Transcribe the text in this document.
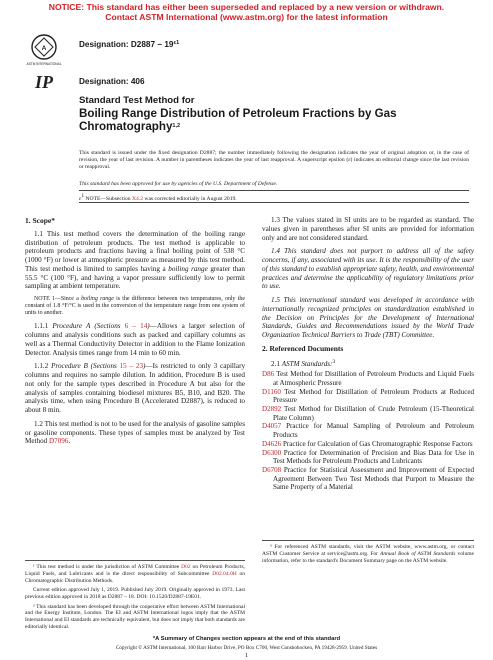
NOTICE: This standard has either been superseded and replaced by a new version or withdrawn.
Contact ASTM International (www.astm.org) for the latest information
A
ASTM INTERNATIONAL
Designation: $D2887 - 19^{\varepsilon 1}$
IP	Designation: 406
Standard Test Method for
Boiling Range Distribution of Petroleum Fractions by Gas Chromatography$^{1,2}$
This standard is issued under the fixed designation D2887; the number immediately following the designation indicates the year of original adoption or, in the case of revision, the year of last revision. A number in parentheses indicates the year of last reapproval. A superscript epsilon (ε) indicates an editorial change since the last revision or reapproval.
This standard has been approved for use by agencies of the U.S. Department of Defense.
$\varepsilon^1$ NOTE—Subsection X4.2 was corrected editorially in August 2019.
1. Scope*

1.1 This test method covers the determination of the boiling range distribution of petroleum products. The test method is applicable to petroleum products and fractions having a final boiling point of 538 °C (1000 °F) or lower at atmospheric pressure as measured by this test method. This test method is limited to samples having a boiling range greater than 55.5 °C (100 °F), and having a vapor pressure sufficiently low to permit sampling at ambient temperature.

NOTE 1—Since a boiling range is the difference between two temperatures, only the constant of 1.8 °F/°C is used in the conversion of the temperature range from one system of units to another.

1.1.1 Procedure A (Sections 6 – 14)—Allows a larger selection of columns and analysis conditions such as packed and capillary columns as well as a Thermal Conductivity Detector in addition to the Flame Ionization Detector. Analysis times range from 14 min to 60 min.

1.1.2 Procedure B (Sections 15 – 23)—Is restricted to only 3 capillary columns and requires no sample dilution. In addition, Procedure B is used not only for the sample types described in Procedure A but also for the analysis of samples containing biodiesel mixtures B5, B10, and B20. The analysis time, when using Procedure B (Accelerated D2887), is reduced to about 8 min.

1.2 This test method is not to be used for the analysis of gasoline samples or gasoline components. These types of samples must be analyzed by Test Method D7096.

1.3 The values stated in SI units are to be regarded as standard. The values given in parentheses after SI units are provided for information only and are not considered standard.

1.4 This standard does not purport to address all of the safety concerns, if any, associated with its use. It is the responsibility of the user of this standard to establish appropriate safety, health, and environmental practices and determine the applicability of regulatory limitations prior to use.

1.5 This international standard was developed in accordance with internationally recognized principles on standardization established in the Decision on Principles for the Development of International Standards, Guides and Recommendations issued by the World Trade Organization Technical Barriers to Trade (TBT) Committee.

2. Referenced Documents

2.1 ASTM Standards:$^3$

D86 Test Method for Distillation of Petroleum Products and Liquid Fuels at Atmospheric Pressure
D1160 Test Method for Distillation of Petroleum Products at Reduced Pressure
D2892 Test Method for Distillation of Crude Petroleum (15-Theoretical Plate Column)
D4057 Practice for Manual Sampling of Petroleum and Petroleum Products
D4626 Practice for Calculation of Gas Chromatographic Response Factors
D6300 Practice for Determination of Precision and Bias Data for Use in Test Methods for Petroleum Products and Lubricants
D6708 Practice for Statistical Assessment and Improvement of Expected Agreement Between Two Test Methods that Purport to Measure the Same Property of a Material

¹ This test method is under the jurisdiction of ASTM Committee D02 on Petroleum Products, Liquid Fuels, and Lubricants and is the direct responsibility of Subcommittee D02.04.0H on Chromatographic Distribution Methods.

Current edition approved July 1, 2019. Published July 2019. Originally approved in 1973. Last previous edition approved in 2018 as D2887 – 18. DOI: 10.1520/D2887-19E01.

² This standard has been developed through the cooperative effort between ASTM International and the Energy Institute, London. The EI and ASTM International logos imply that the ASTM International and EI standards are technically equivalent, but does not imply that both standards are editorially identical.

³ For referenced ASTM standards, visit the ASTM website, www.astm.org, or contact ASTM Customer Service at service@astm.org. For Annual Book of ASTM Standards volume information, refer to the standard's Document Summary page on the ASTM website.

*A Summary of Changes section appears at the end of this standard
Copyright © ASTM International, 100 Barr Harbor Drive, PO Box C700, West Conshohocken, PA 19428-2959. United States
1
